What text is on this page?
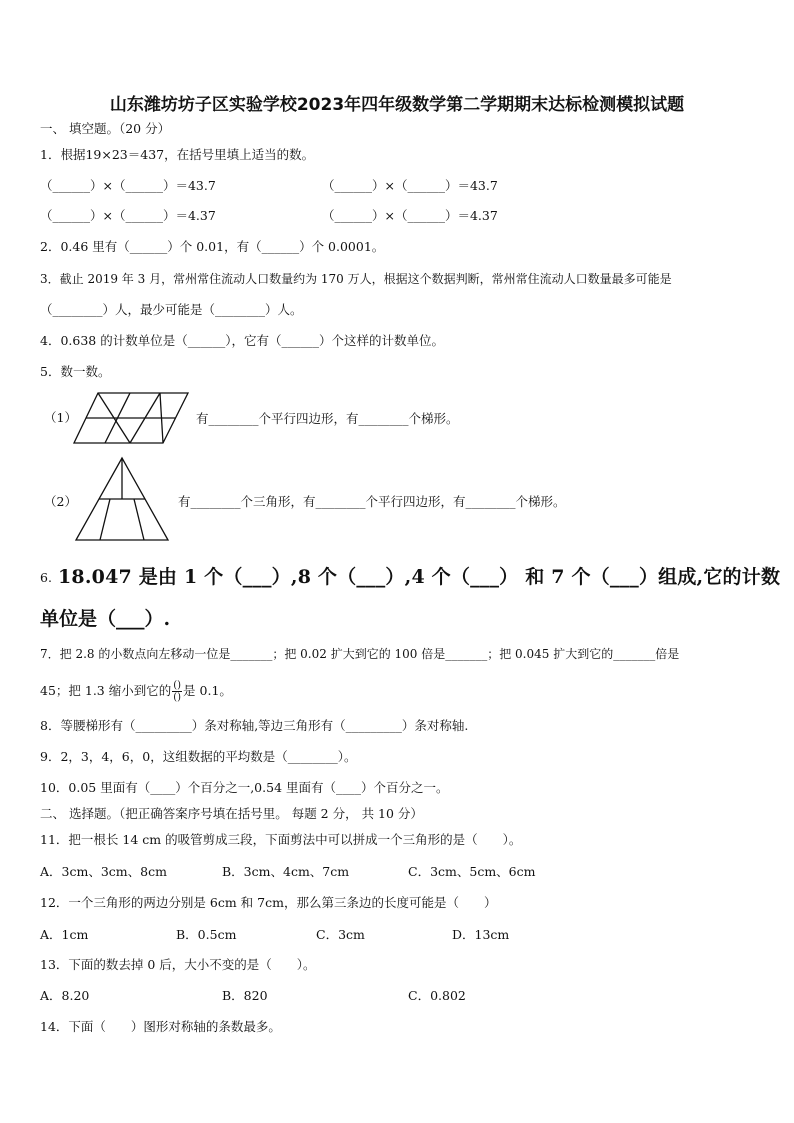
山东潍坊坊子区实验学校2023年四年级数学第二学期期末达标检测模拟试题
一、 填空题。（20 分）
1．根据19×23＝437，在括号里填上适当的数。
（______）×（______）＝43.7	（______）×（______）＝43.7
（______）×（______）＝4.37	（______）×（______）＝4.37
2．0.46 里有（______）个 0.01，有（______）个 0.0001。
3．截止 2019 年 3 月，常州常住流动人口数量约为 170 万人，根据这个数据判断，常州常住流动人口数量最多可能是
（________）人，最少可能是（________）人。
4．0.638 的计数单位是（______），它有（______）个这样的计数单位。
5．数一数。
（1）	有________个平行四边形，有________个梯形。
（2）	有________个三角形，有________个平行四边形，有________个梯形。
6. 18.047 是由 1 个（___）,8 个（___）,4 个（___） 和 7 个（___）组成,它的计数
单位是（___）.
7．把 2.8 的小数点向左移动一位是_______；把 0.02 扩大到它的 100 倍是_______；把 0.045 扩大到它的_______倍是
45；把 1.3 缩小到它的 $\frac{()}{()}$ 是 0.1。
8．等腰梯形有（_________）条对称轴,等边三角形有（_________）条对称轴.
9．2，3，4，6，0，这组数据的平均数是（________）。
10．0.05 里面有（____）个百分之一,0.54 里面有（____）个百分之一。
二、 选择题。（把正确答案序号填在括号里。 每题 2 分， 共 10 分）
11．把一根长 14 cm 的吸管剪成三段，下面剪法中可以拼成一个三角形的是（　　）。
A．3cm、3cm、8cm	B．3cm、4cm、7cm	C．3cm、5cm、6cm
12．一个三角形的两边分别是 6cm 和 7cm，那么第三条边的长度可能是（　　）
A．1cm	B．0.5cm	C．3cm	D．13cm
13．下面的数去掉 0 后，大小不变的是（　　）。
A．8.20	B．820	C．0.802
14．下面（　　）图形对称轴的条数最多。
